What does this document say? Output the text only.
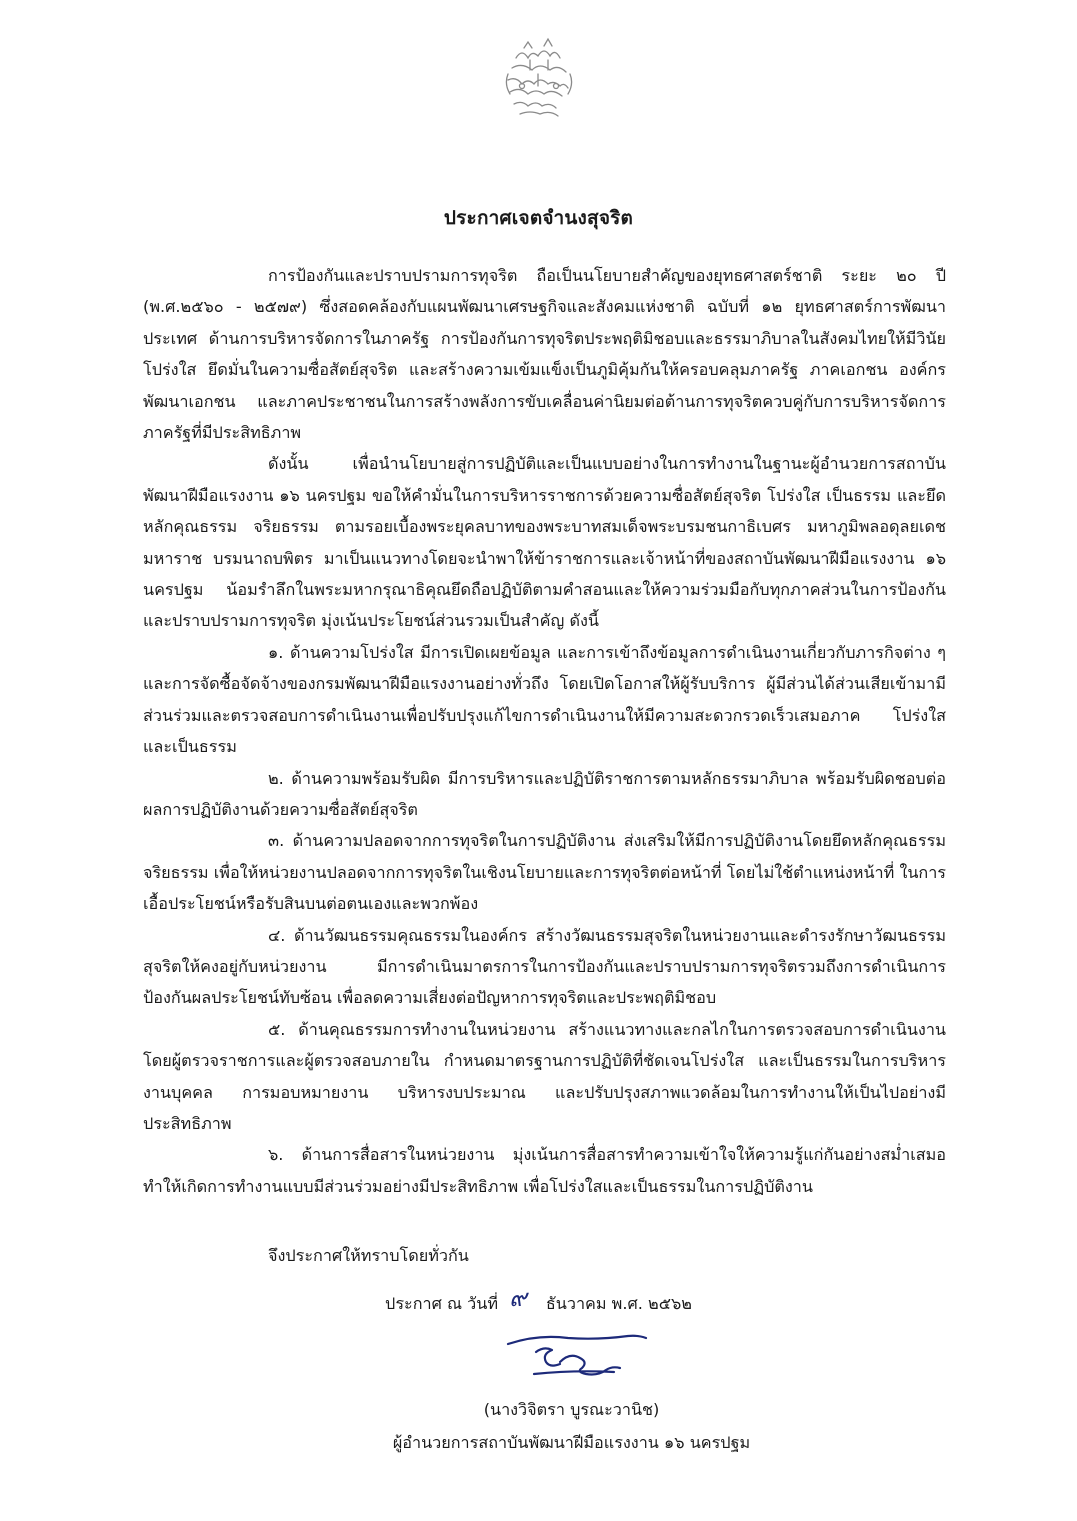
ประกาศเจตจำนงสุจริต

การป้องกันและปราบปรามการทุจริต ถือเป็นนโยบายสำคัญของยุทธศาสตร์ชาติ ระยะ ๒๐ ปี (พ.ศ.๒๕๖๐ - ๒๕๗๙) ซึ่งสอดคล้องกับแผนพัฒนาเศรษฐกิจและสังคมแห่งชาติ ฉบับที่ ๑๒ ยุทธศาสตร์การพัฒนาประเทศ ด้านการบริหารจัดการในภาครัฐ การป้องกันการทุจริตประพฤติมิชอบและธรรมาภิบาลในสังคมไทยให้มีวินัย โปร่งใส ยึดมั่นในความซื่อสัตย์สุจริต และสร้างความเข้มแข็งเป็นภูมิคุ้มกันให้ครอบคลุมภาครัฐ ภาคเอกชน องค์กรพัฒนาเอกชน และภาคประชาชนในการสร้างพลังการขับเคลื่อนค่านิยมต่อต้านการทุจริตควบคู่กับการบริหารจัดการภาครัฐที่มีประสิทธิภาพ

ดังนั้น เพื่อนำนโยบายสู่การปฏิบัติและเป็นแบบอย่างในการทำงานในฐานะผู้อำนวยการสถาบันพัฒนาฝีมือแรงงาน ๑๖ นครปฐม ขอให้คำมั่นในการบริหารราชการด้วยความซื่อสัตย์สุจริต โปร่งใส เป็นธรรม และยึดหลักคุณธรรม จริยธรรม ตามรอยเบื้องพระยุคลบาทของพระบาทสมเด็จพระบรมชนกาธิเบศร มหาภูมิพลอดุลยเดชมหาราช บรมนาถบพิตร มาเป็นแนวทางโดยจะนำพาให้ข้าราชการและเจ้าหน้าที่ของสถาบันพัฒนาฝีมือแรงงาน ๑๖ นครปฐม น้อมรำลึกในพระมหากรุณาธิคุณยึดถือปฏิบัติตามคำสอนและให้ความร่วมมือกับทุกภาคส่วนในการป้องกันและปราบปรามการทุจริต มุ่งเน้นประโยชน์ส่วนรวมเป็นสำคัญ ดังนี้

๑. ด้านความโปร่งใส มีการเปิดเผยข้อมูล และการเข้าถึงข้อมูลการดำเนินงานเกี่ยวกับภารกิจต่าง ๆ และการจัดซื้อจัดจ้างของกรมพัฒนาฝีมือแรงงานอย่างทั่วถึง โดยเปิดโอกาสให้ผู้รับบริการ ผู้มีส่วนได้ส่วนเสียเข้ามามีส่วนร่วมและตรวจสอบการดำเนินงานเพื่อปรับปรุงแก้ไขการดำเนินงานให้มีความสะดวกรวดเร็วเสมอภาค โปร่งใส และเป็นธรรม

๒. ด้านความพร้อมรับผิด มีการบริหารและปฏิบัติราชการตามหลักธรรมาภิบาล พร้อมรับผิดชอบต่อผลการปฏิบัติงานด้วยความซื่อสัตย์สุจริต

๓. ด้านความปลอดจากการทุจริตในการปฏิบัติงาน ส่งเสริมให้มีการปฏิบัติงานโดยยึดหลักคุณธรรม จริยธรรม เพื่อให้หน่วยงานปลอดจากการทุจริตในเชิงนโยบายและการทุจริตต่อหน้าที่ โดยไม่ใช้ตำแหน่งหน้าที่ ในการเอื้อประโยชน์หรือรับสินบนต่อตนเองและพวกพ้อง

๔. ด้านวัฒนธรรมคุณธรรมในองค์กร สร้างวัฒนธรรมสุจริตในหน่วยงานและดำรงรักษาวัฒนธรรมสุจริตให้คงอยู่กับหน่วยงาน มีการดำเนินมาตรการในการป้องกันและปราบปรามการทุจริตรวมถึงการดำเนินการป้องกันผลประโยชน์ทับซ้อน เพื่อลดความเสี่ยงต่อปัญหาการทุจริตและประพฤติมิชอบ

๕. ด้านคุณธรรมการทำงานในหน่วยงาน สร้างแนวทางและกลไกในการตรวจสอบการดำเนินงานโดยผู้ตรวจราชการและผู้ตรวจสอบภายใน กำหนดมาตรฐานการปฏิบัติที่ชัดเจนโปร่งใส และเป็นธรรมในการบริหารงานบุคคล การมอบหมายงาน บริหารงบประมาณ และปรับปรุงสภาพแวดล้อมในการทำงานให้เป็นไปอย่างมีประสิทธิภาพ

๖. ด้านการสื่อสารในหน่วยงาน มุ่งเน้นการสื่อสารทำความเข้าใจให้ความรู้แก่กันอย่างสม่ำเสมอ ทำให้เกิดการทำงานแบบมีส่วนร่วมอย่างมีประสิทธิภาพ เพื่อโปร่งใสและเป็นธรรมในการปฏิบัติงาน

จึงประกาศให้ทราบโดยทั่วกัน
ประกาศ ณ วันที่ ๙ ธันวาคม พ.ศ. ๒๕๖๒
(นางวิจิตรา บูรณะวานิช)
ผู้อำนวยการสถาบันพัฒนาฝีมือแรงงาน ๑๖ นครปฐม
